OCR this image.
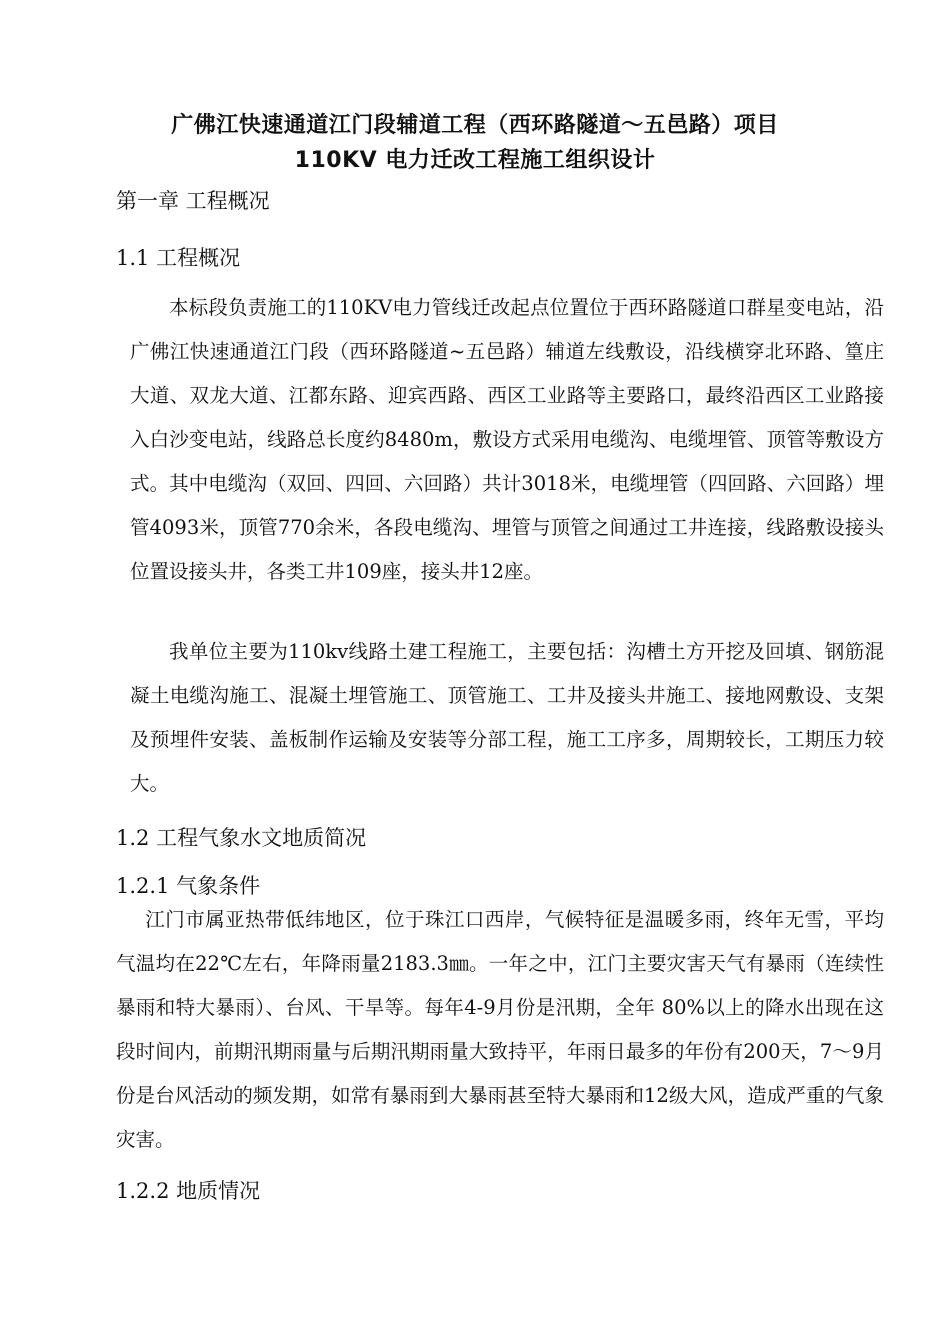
广佛江快速通道江门段辅道工程（西环路隧道～五邑路）项目
110KV 电力迁改工程施工组织设计
第一章 工程概况
1.1 工程概况

本标段负责施工的110KV电力管线迁改起点位置位于西环路隧道口群星变电站，沿广佛江快速通道江门段（西环路隧道~五邑路）辅道左线敷设，沿线横穿北环路、篁庄大道、双龙大道、江都东路、迎宾西路、西区工业路等主要路口，最终沿西区工业路接入白沙变电站，线路总长度约8480m，敷设方式采用电缆沟、电缆埋管、顶管等敷设方式。其中电缆沟（双回、四回、六回路）共计3018米，电缆埋管（四回路、六回路）埋管4093米，顶管770余米，各段电缆沟、埋管与顶管之间通过工井连接，线路敷设接头位置设接头井，各类工井109座，接头井12座。

我单位主要为110kv线路土建工程施工，主要包括：沟槽土方开挖及回填、钢筋混凝土电缆沟施工、混凝土埋管施工、顶管施工、工井及接头井施工、接地网敷设、支架及预埋件安装、盖板制作运输及安装等分部工程，施工工序多，周期较长，工期压力较大。

1.2 工程气象水文地质简况
1.2.1 气象条件

江门市属亚热带低纬地区，位于珠江口西岸，气候特征是温暖多雨，终年无雪，平均气温均在22℃左右，年降雨量2183.3㎜。一年之中，江门主要灾害天气有暴雨（连续性暴雨和特大暴雨）、台风、干旱等。每年4-9月份是汛期，全年 80%以上的降水出现在这段时间内，前期汛期雨量与后期汛期雨量大致持平，年雨日最多的年份有200天，7～9月份是台风活动的频发期，如常有暴雨到大暴雨甚至特大暴雨和12级大风，造成严重的气象灾害。

1.2.2 地质情况
